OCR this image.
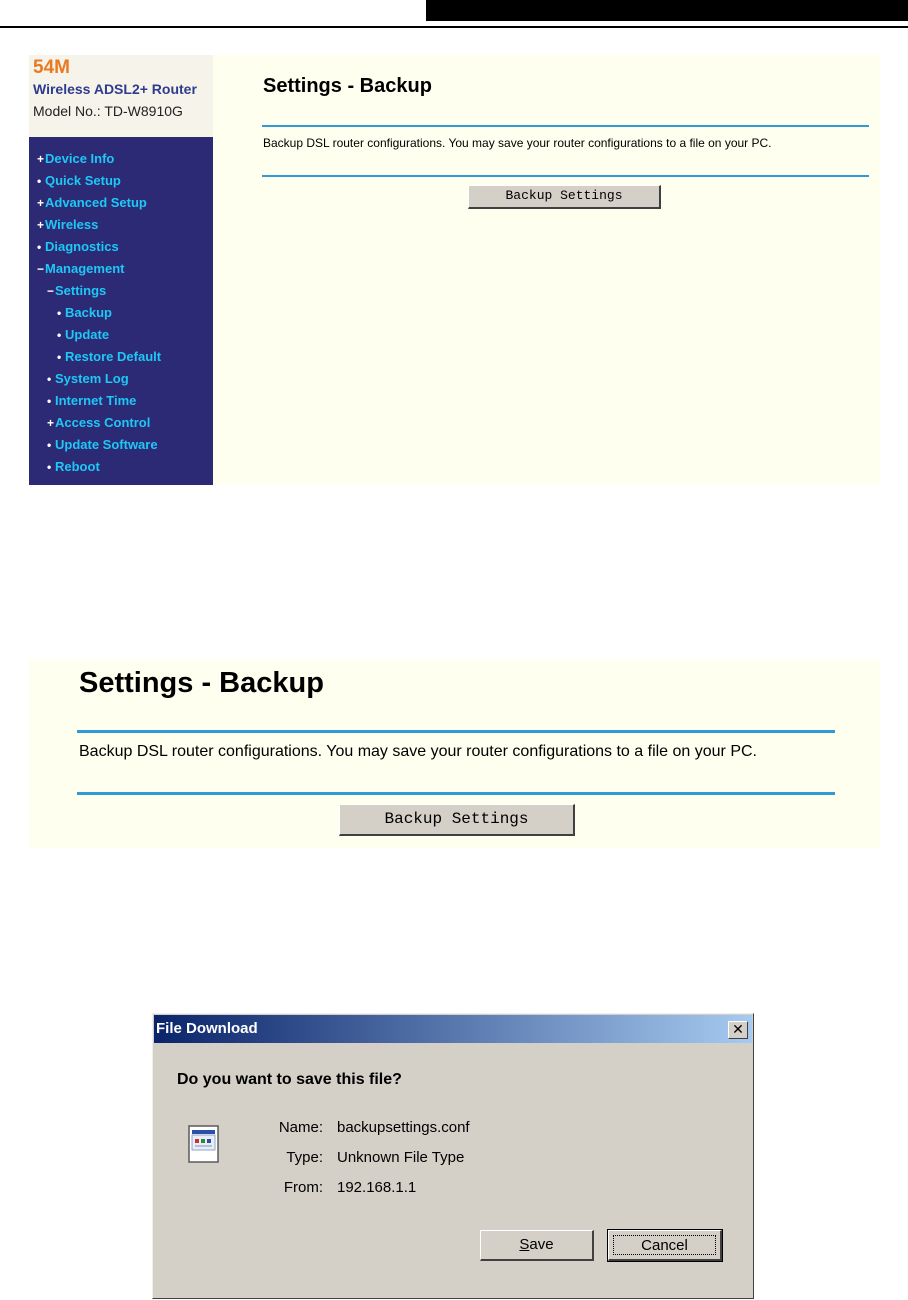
54M
Wireless ADSL2+ Router
Model No.: TD-W8910G
+Device Info
• Quick Setup
+Advanced Setup
+Wireless
• Diagnostics
−Management
−Settings
• Backup
• Update
• Restore Default
• System Log
• Internet Time
+Access Control
• Update Software
• Reboot
Settings - Backup
Backup DSL router configurations. You may save your router configurations to a file on your PC.
Backup Settings
Settings - Backup
Backup DSL router configurations. You may save your router configurations to a file on your PC.
Backup Settings
File Download	✕
Do you want to save this file?
Name: backupsettings.conf
Type: Unknown File Type
From: 192.168.1.1
Save	Cancel
